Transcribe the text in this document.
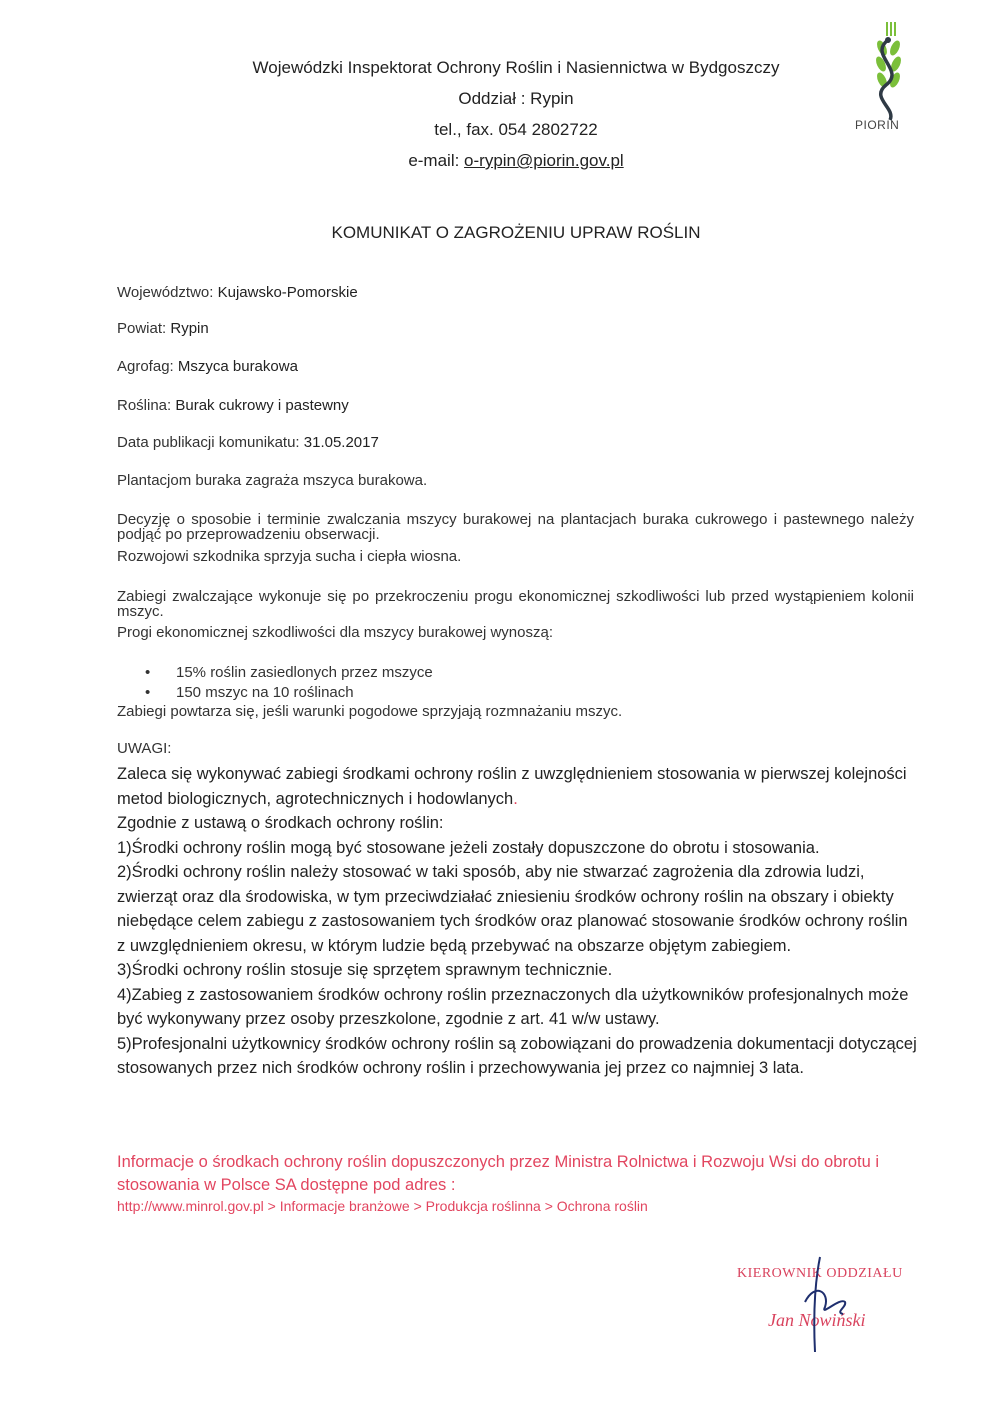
Wojewódzki Inspektorat Ochrony Roślin i Nasiennictwa w Bydgoszczy
Oddział : Rypin
tel., fax. 054 2802722
e-mail: o-rypin@piorin.gov.pl
PIORIN
KOMUNIKAT O ZAGROŻENIU UPRAW ROŚLIN
Województwo: Kujawsko-Pomorskie
Powiat: Rypin
Agrofag: Mszyca burakowa
Roślina: Burak cukrowy i pastewny
Data publikacji komunikatu: 31.05.2017
Plantacjom buraka zagraża mszyca burakowa.
Decyzję o sposobie i terminie zwalczania mszycy burakowej na plantacjach buraka cukrowego i pastewnego należy podjąć po przeprowadzeniu obserwacji.
Rozwojowi szkodnika sprzyja sucha i ciepła wiosna.
Zabiegi zwalczające wykonuje się po przekroczeniu progu ekonomicznej szkodliwości lub przed wystąpieniem kolonii mszyc.
Progi ekonomicznej szkodliwości dla mszycy burakowej wynoszą:
• 15% roślin zasiedlonych przez mszyce
• 150 mszyc na 10 roślinach
Zabiegi powtarza się, jeśli warunki pogodowe sprzyjają rozmnażaniu mszyc.
UWAGI:

Zaleca się wykonywać zabiegi środkami ochrony roślin z uwzględnieniem stosowania w pierwszej kolejności metod biologicznych, agrotechnicznych i hodowlanych.

Zgodnie z ustawą o środkach ochrony roślin:

1)Środki ochrony roślin mogą być stosowane jeżeli zostały dopuszczone do obrotu i stosowania.

2)Środki ochrony roślin należy stosować w taki sposób, aby nie stwarzać zagrożenia dla zdrowia ludzi, zwierząt oraz dla środowiska, w tym przeciwdziałać zniesieniu środków ochrony roślin na obszary i obiekty niebędące celem zabiegu z zastosowaniem tych środków oraz planować stosowanie środków ochrony roślin z uwzględnieniem okresu, w którym ludzie będą przebywać na obszarze objętym zabiegiem.

3)Środki ochrony roślin stosuje się sprzętem sprawnym technicznie.

4)Zabieg z zastosowaniem środków ochrony roślin przeznaczonych dla użytkowników profesjonalnych może być wykonywany przez osoby przeszkolone, zgodnie z art. 41 w/w ustawy.

5)Profesjonalni użytkownicy środków ochrony roślin są zobowiązani do prowadzenia dokumentacji dotyczącej stosowanych przez nich środków ochrony roślin i przechowywania jej przez co najmniej 3 lata.

Informacje o środkach ochrony roślin dopuszczonych przez Ministra Rolnictwa i Rozwoju Wsi do obrotu i stosowania w Polsce SA dostępne pod adres :
http://www.minrol.gov.pl > Informacje branżowe > Produkcja roślinna > Ochrona roślin
KIEROWNIK ODDZIAŁU
Jan Nowiński
